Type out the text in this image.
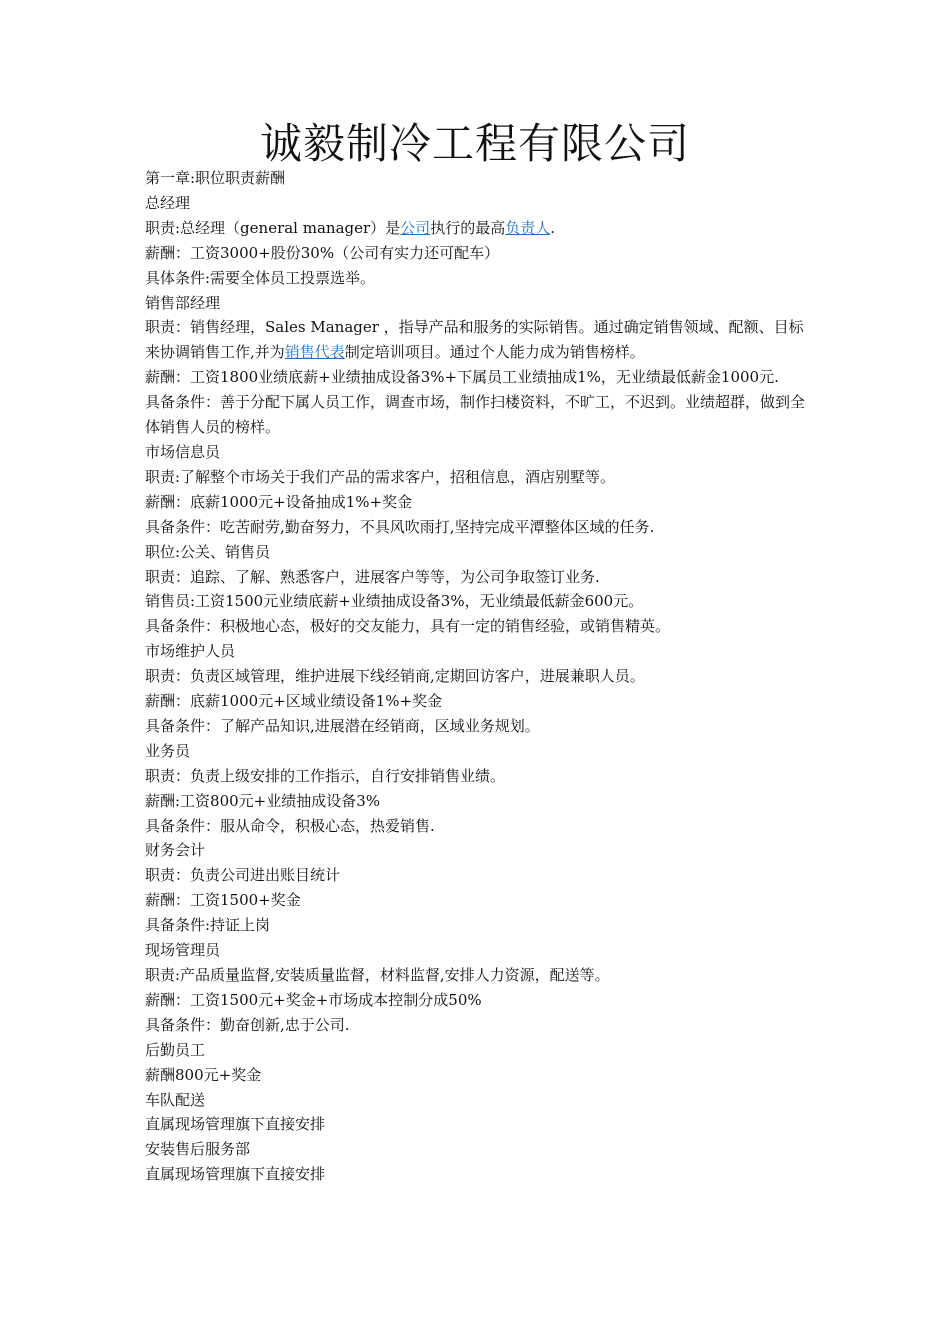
诚毅制冷工程有限公司
第一章:职位职责薪酬
总经理
职责:总经理（general manager）是公司执行的最高负责人.
薪酬：工资3000+股份30%（公司有实力还可配车）
具体条件:需要全体员工投票选举。
销售部经理
职责：销售经理，Sales Manager ，指导产品和服务的实际销售。通过确定销售领域、配额、目标来协调销售工作,并为销售代表制定培训项目。通过个人能力成为销售榜样。
薪酬：工资1800业绩底薪+业绩抽成设备3%+下属员工业绩抽成1%，无业绩最低薪金1000元.
具备条件：善于分配下属人员工作，调查市场，制作扫楼资料，不旷工，不迟到。业绩超群，做到全体销售人员的榜样。
市场信息员
职责:了解整个市场关于我们产品的需求客户，招租信息，酒店别墅等。
薪酬：底薪1000元+设备抽成1%+奖金
具备条件：吃苦耐劳,勤奋努力，不具风吹雨打,坚持完成平潭整体区域的任务.
职位:公关、销售员
职责：追踪、了解、熟悉客户，进展客户等等，为公司争取签订业务.
销售员:工资1500元业绩底薪+业绩抽成设备3%，无业绩最低薪金600元。
具备条件：积极地心态，极好的交友能力，具有一定的销售经验，或销售精英。
市场维护人员
职责：负责区域管理，维护进展下线经销商,定期回访客户，进展兼职人员。
薪酬：底薪1000元+区域业绩设备1%+奖金
具备条件：了解产品知识,进展潜在经销商，区域业务规划。
业务员
职责：负责上级安排的工作指示，自行安排销售业绩。
薪酬:工资800元+业绩抽成设备3%
具备条件：服从命令，积极心态，热爱销售.
财务会计
职责：负责公司进出账目统计
薪酬：工资1500+奖金
具备条件:持证上岗
现场管理员
职责:产品质量监督,安装质量监督，材料监督,安排人力资源，配送等。
薪酬：工资1500元+奖金+市场成本控制分成50%
具备条件：勤奋创新,忠于公司.
后勤员工
薪酬800元+奖金
车队配送
直属现场管理旗下直接安排
安装售后服务部
直属现场管理旗下直接安排
